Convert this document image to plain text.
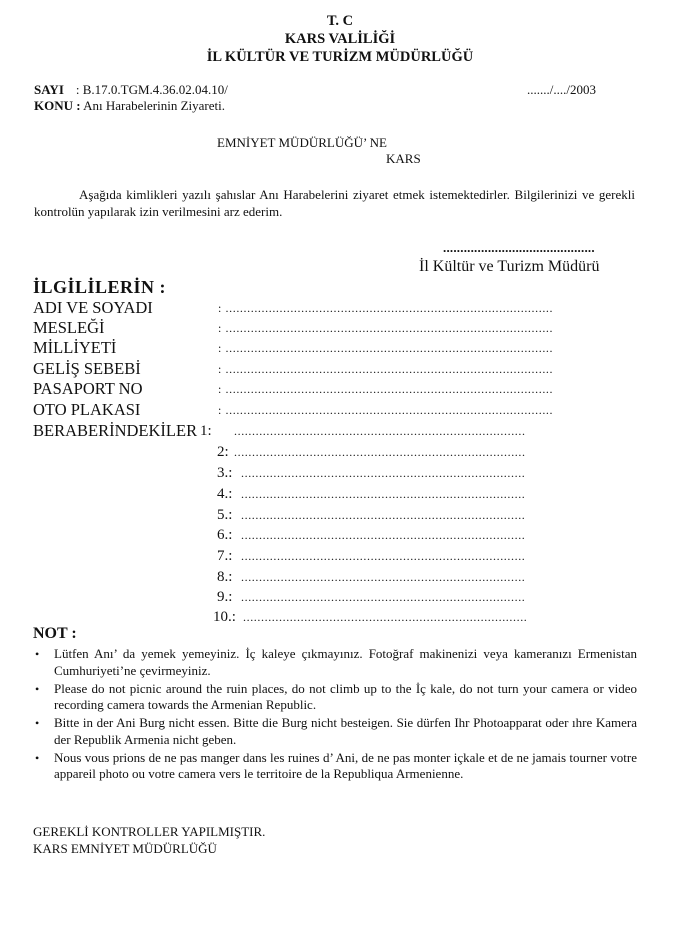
T. C
KARS VALİLİĞİ
İL KÜLTÜR VE TURİZM MÜDÜRLÜĞÜ
SAYI : B.17.0.TGM.4.36.02.04.10/
KONU : Anı Harabelerinin Ziyareti.
......./..../2003
EMNİYET MÜDÜRLÜĞÜ’ NE
KARS
Aşağıda kimlikleri yazılı şahıslar Anı Harabelerini ziyaret etmek istemektedirler. Bilgilerinizi ve gerekli kontrolün yapılarak izin verilmesini arz ederim.
............................................
İl Kültür ve Turizm Müdürü
İLGİLİLERİN :
ADI VE SOYADI	: ...........................................................................................
MESLEĞİ	: ...........................................................................................
MİLLİYETİ	: ...........................................................................................
GELİŞ SEBEBİ	: ...........................................................................................
PASAPORT NO	: ...........................................................................................
OTO PLAKASI	: ...........................................................................................
BERABERİNDEKİLER 1: .................................................................................
2: .................................................................................
3.: ...............................................................................
4.: ...............................................................................
5.: ...............................................................................
6.: ...............................................................................
7.: ...............................................................................
8.: ...............................................................................
9.: ...............................................................................
10.: ...............................................................................
NOT :
• Lütfen Anı’ da yemek yemeyiniz. İç kaleye çıkmayınız. Fotoğraf makinenizi veya kameranızı Ermenistan Cumhuriyeti’ne çevirmeyiniz.
• Please do not picnic around the ruin places, do not climb up to the İç kale, do not turn your camera or video recording camera towards the Armenian Republic.
• Bitte in der Ani Burg nicht essen. Bitte die Burg nicht besteigen. Sie dürfen Ihr Photoapparat oder ıhre Kamera der Republik Armenia nicht geben.
• Nous vous prions de ne pas manger dans les ruines d’ Ani, de ne pas monter içkale et de ne jamais tourner votre appareil photo ou votre camera vers le territoire de la Republiqua Armenienne.
GEREKLİ KONTROLLER YAPILMIŞTIR.
KARS EMNİYET MÜDÜRLÜĞÜ
